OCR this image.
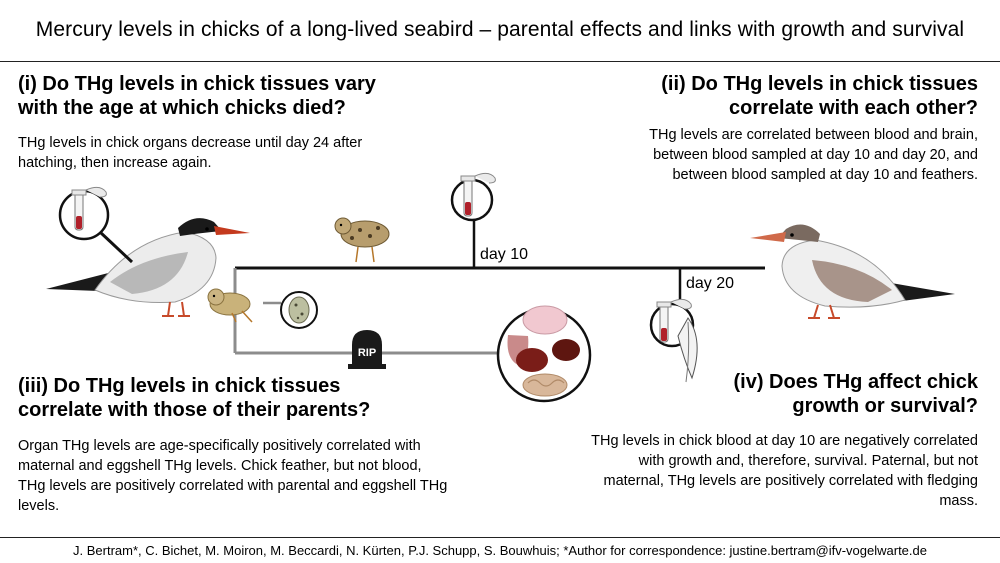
Mercury levels in chicks of a long-lived seabird – parental effects and links with growth and survival

(i) Do THg levels in chick tissues vary with the age at which chicks died?

THg levels in chick organs decrease until day 24 after hatching, then increase again.

(ii) Do THg levels in chick tissues correlate with each other?

THg levels are correlated between blood and brain, between blood sampled at day 10 and day 20, and between blood sampled at day 10 and feathers.

(iii) Do THg levels in chick tissues correlate with those of their parents?

Organ THg levels are age-specifically positively correlated with maternal and eggshell THg levels. Chick feather, but not blood, THg levels are positively correlated with parental and eggshell THg levels.

(iv) Does THg affect chick growth or survival?

THg levels in chick blood at day 10 are negatively correlated with growth and, therefore, survival. Paternal, but not maternal, THg levels are positively correlated with fledging mass.

day 10
day 20
RIP
J. Bertram*, C. Bichet, M. Moiron, M. Beccardi, N. Kürten, P.J. Schupp, S. Bouwhuis; *Author for correspondence: justine.bertram@ifv-vogelwarte.de
